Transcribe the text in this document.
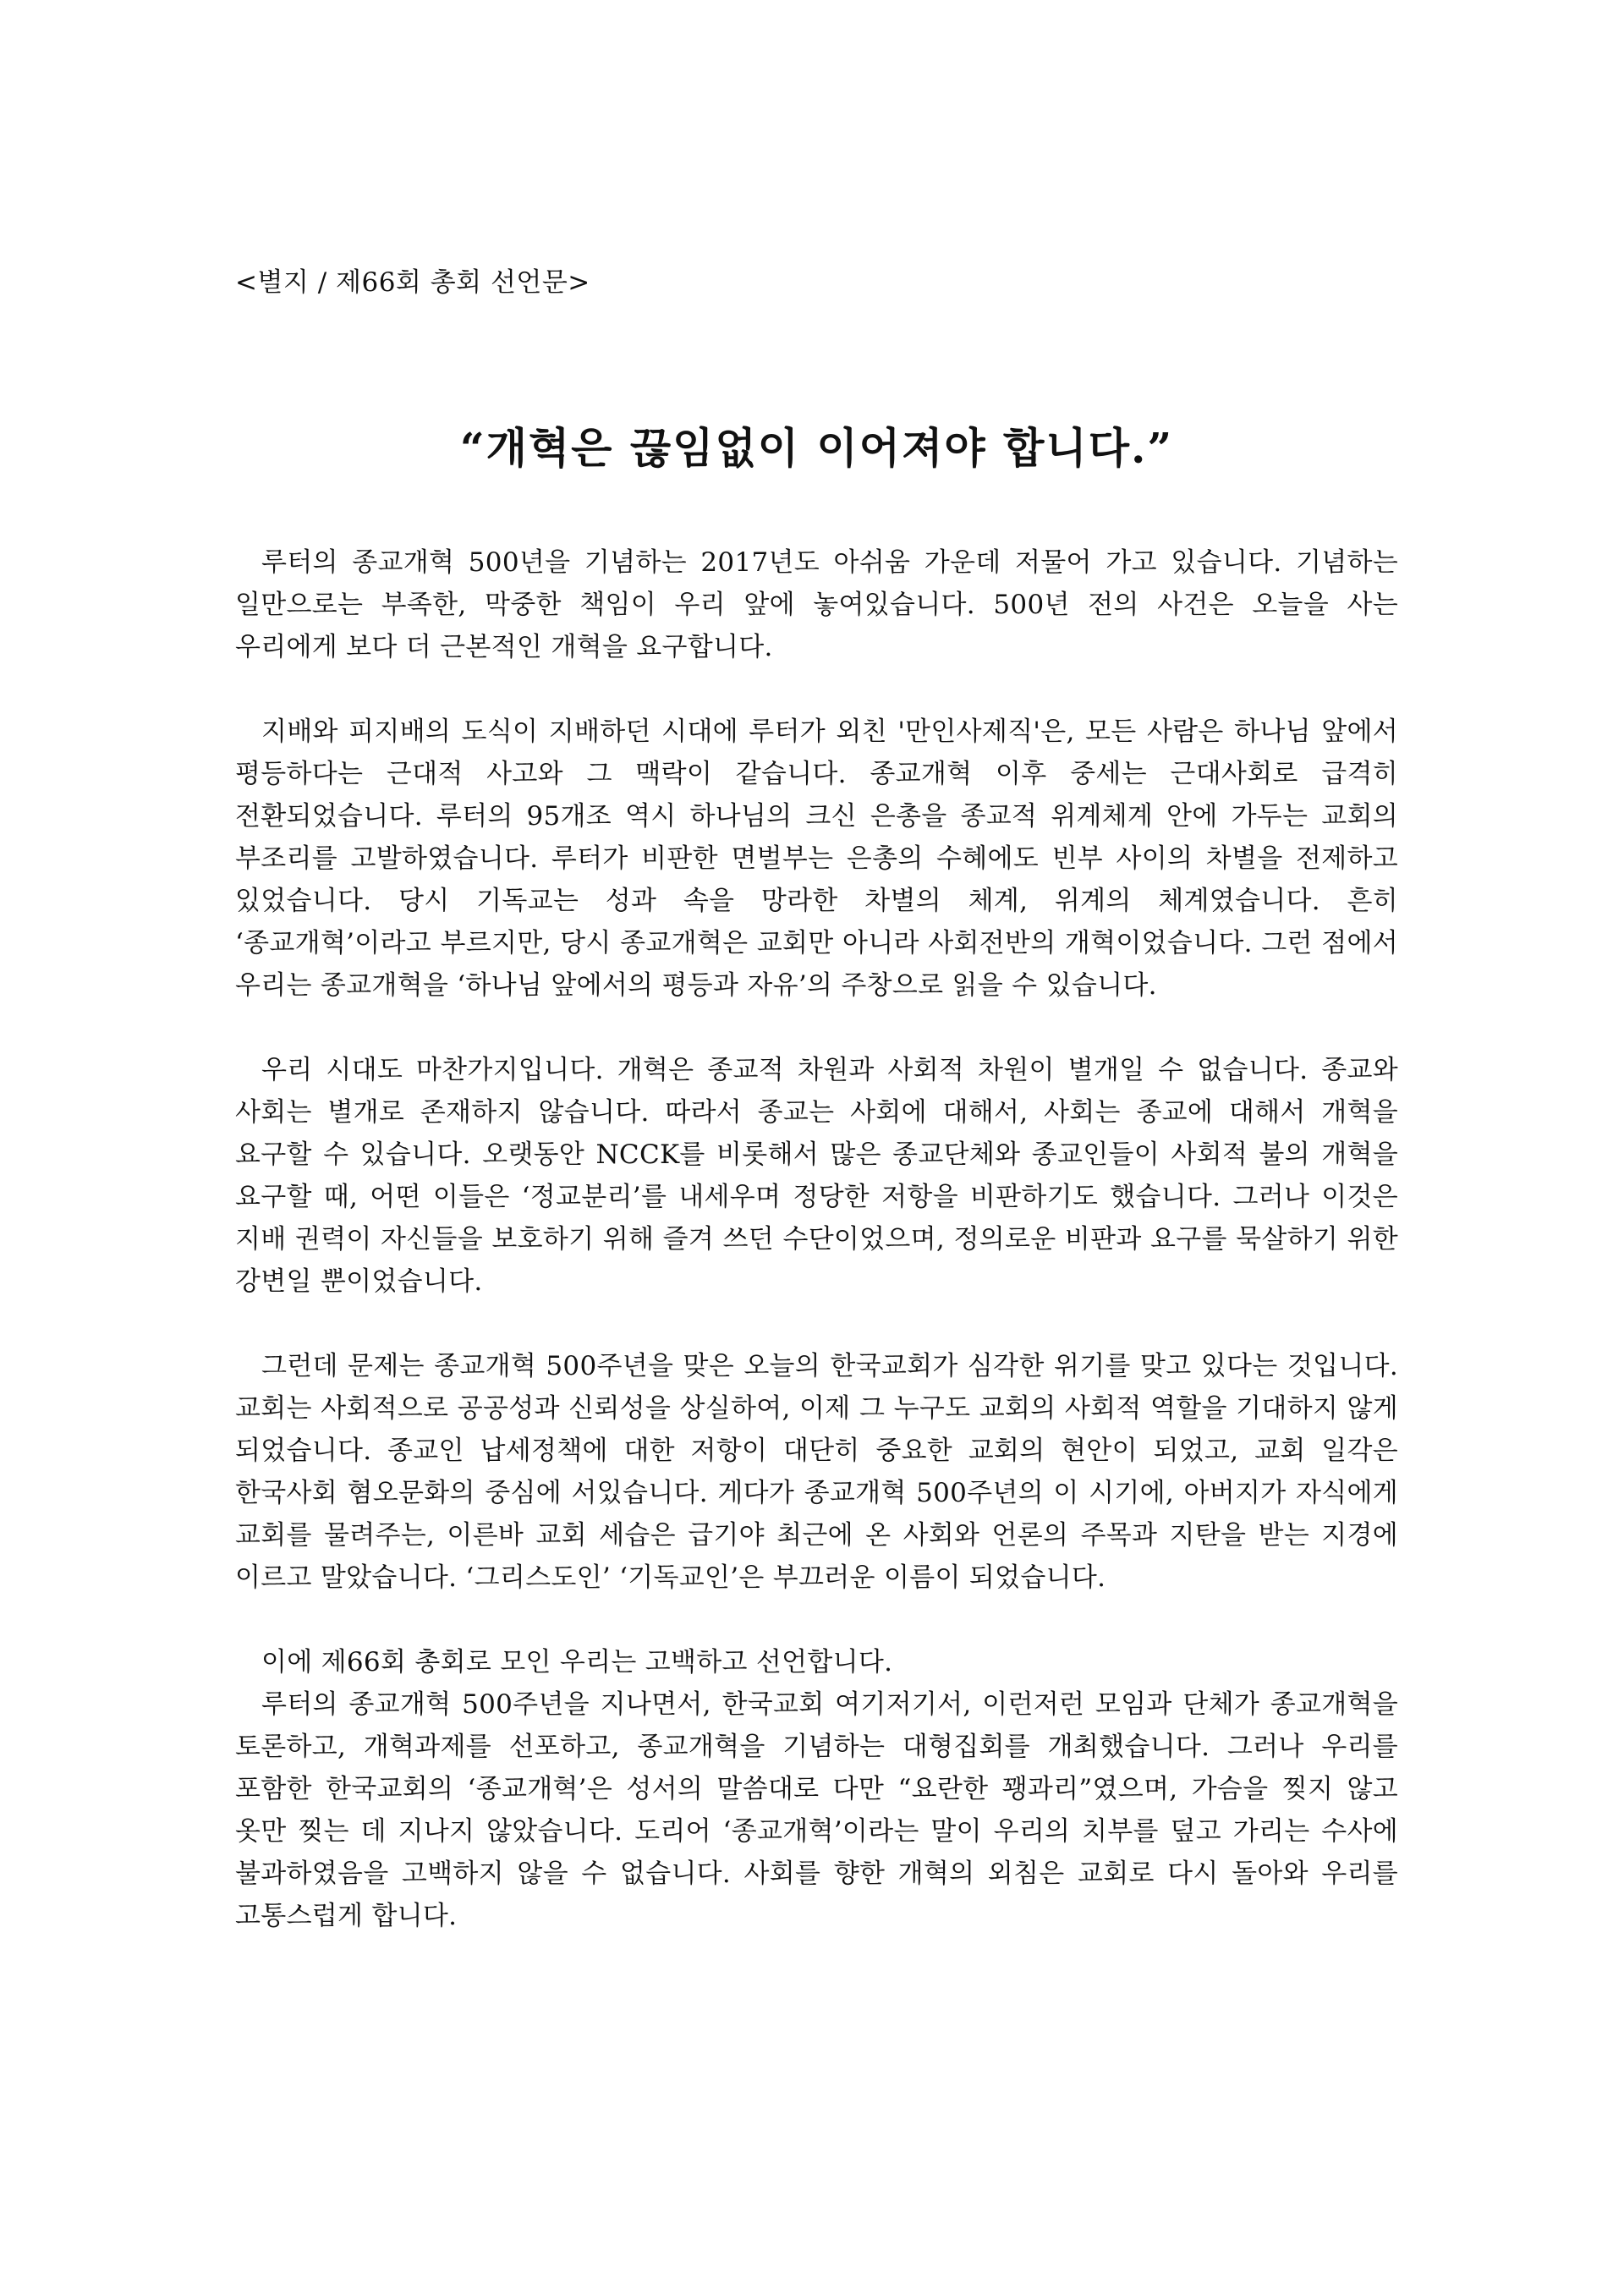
<별지 / 제66회 총회 선언문>
“개혁은 끊임없이 이어져야 합니다.”

루터의 종교개혁 500년을 기념하는 2017년도 아쉬움 가운데 저물어 가고 있습니다. 기념하는 일만으로는 부족한, 막중한 책임이 우리 앞에 놓여있습니다. 500년 전의 사건은 오늘을 사는 우리에게 보다 더 근본적인 개혁을 요구합니다.

지배와 피지배의 도식이 지배하던 시대에 루터가 외친 '만인사제직'은, 모든 사람은 하나님 앞에서 평등하다는 근대적 사고와 그 맥락이 같습니다. 종교개혁 이후 중세는 근대사회로 급격히 전환되었습니다. 루터의 95개조 역시 하나님의 크신 은총을 종교적 위계체계 안에 가두는 교회의 부조리를 고발하였습니다. 루터가 비판한 면벌부는 은총의 수혜에도 빈부 사이의 차별을 전제하고 있었습니다. 당시 기독교는 성과 속을 망라한 차별의 체계, 위계의 체계였습니다. 흔히 ‘종교개혁’이라고 부르지만, 당시 종교개혁은 교회만 아니라 사회전반의 개혁이었습니다. 그런 점에서 우리는 종교개혁을 ‘하나님 앞에서의 평등과 자유’의 주창으로 읽을 수 있습니다.

우리 시대도 마찬가지입니다. 개혁은 종교적 차원과 사회적 차원이 별개일 수 없습니다. 종교와 사회는 별개로 존재하지 않습니다. 따라서 종교는 사회에 대해서, 사회는 종교에 대해서 개혁을 요구할 수 있습니다. 오랫동안 NCCK를 비롯해서 많은 종교단체와 종교인들이 사회적 불의 개혁을 요구할 때, 어떤 이들은 ‘정교분리’를 내세우며 정당한 저항을 비판하기도 했습니다. 그러나 이것은 지배 권력이 자신들을 보호하기 위해 즐겨 쓰던 수단이었으며, 정의로운 비판과 요구를 묵살하기 위한 강변일 뿐이었습니다.

그런데 문제는 종교개혁 500주년을 맞은 오늘의 한국교회가 심각한 위기를 맞고 있다는 것입니다. 교회는 사회적으로 공공성과 신뢰성을 상실하여, 이제 그 누구도 교회의 사회적 역할을 기대하지 않게 되었습니다. 종교인 납세정책에 대한 저항이 대단히 중요한 교회의 현안이 되었고, 교회 일각은 한국사회 혐오문화의 중심에 서있습니다. 게다가 종교개혁 500주년의 이 시기에, 아버지가 자식에게 교회를 물려주는, 이른바 교회 세습은 급기야 최근에 온 사회와 언론의 주목과 지탄을 받는 지경에 이르고 말았습니다. ‘그리스도인’ ‘기독교인’은 부끄러운 이름이 되었습니다.

이에 제66회 총회로 모인 우리는 고백하고 선언합니다.

루터의 종교개혁 500주년을 지나면서, 한국교회 여기저기서, 이런저런 모임과 단체가 종교개혁을 토론하고, 개혁과제를 선포하고, 종교개혁을 기념하는 대형집회를 개최했습니다. 그러나 우리를 포함한 한국교회의 ‘종교개혁’은 성서의 말씀대로 다만 “요란한 꽹과리”였으며, 가슴을 찢지 않고 옷만 찢는 데 지나지 않았습니다. 도리어 ‘종교개혁’이라는 말이 우리의 치부를 덮고 가리는 수사에 불과하였음을 고백하지 않을 수 없습니다. 사회를 향한 개혁의 외침은 교회로 다시 돌아와 우리를 고통스럽게 합니다.
